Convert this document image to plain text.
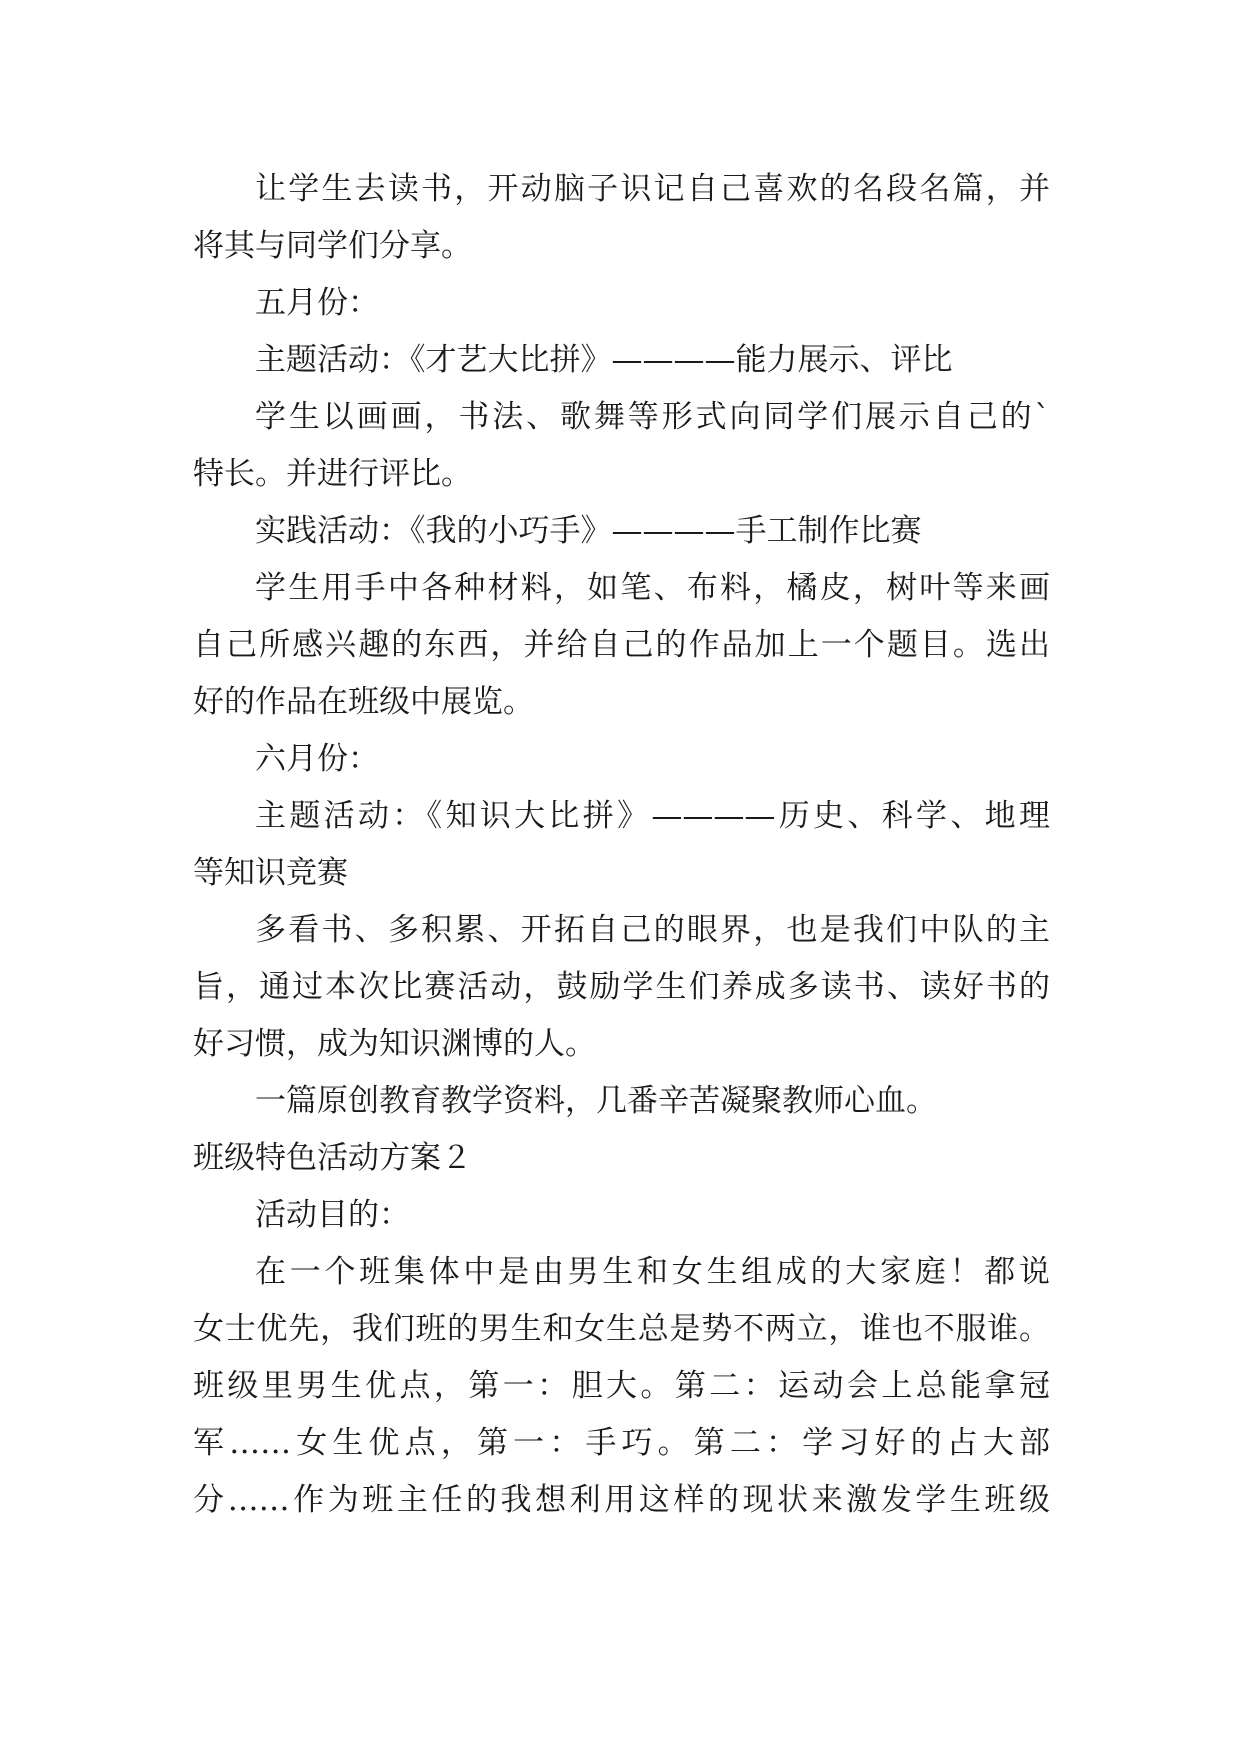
让学生去读书，开动脑子识记自己喜欢的名段名篇，并
将其与同学们分享。
五月份：
主题活动：《才艺大比拼》————能力展示、评比
学生以画画，书法、歌舞等形式向同学们展示自己的`
特长。并进行评比。
实践活动：《我的小巧手》————手工制作比赛
学生用手中各种材料，如笔、布料，橘皮，树叶等来画
自己所感兴趣的东西，并给自己的作品加上一个题目。选出
好的作品在班级中展览。
六月份：
主题活动：《知识大比拼》————历史、科学、地理
等知识竞赛
多看书、多积累、开拓自己的眼界，也是我们中队的主
旨，通过本次比赛活动，鼓励学生们养成多读书、读好书的
好习惯，成为知识渊博的人。
一篇原创教育教学资料，几番辛苦凝聚教师心血。
班级特色活动方案２
活动目的：
在一个班集体中是由男生和女生组成的大家庭！都说
女士优先，我们班的男生和女生总是势不两立，谁也不服谁。
班级里男生优点，第一：胆大。第二：运动会上总能拿冠
军……女生优点，第一：手巧。第二：学习好的占大部
分……作为班主任的我想利用这样的现状来激发学生班级
